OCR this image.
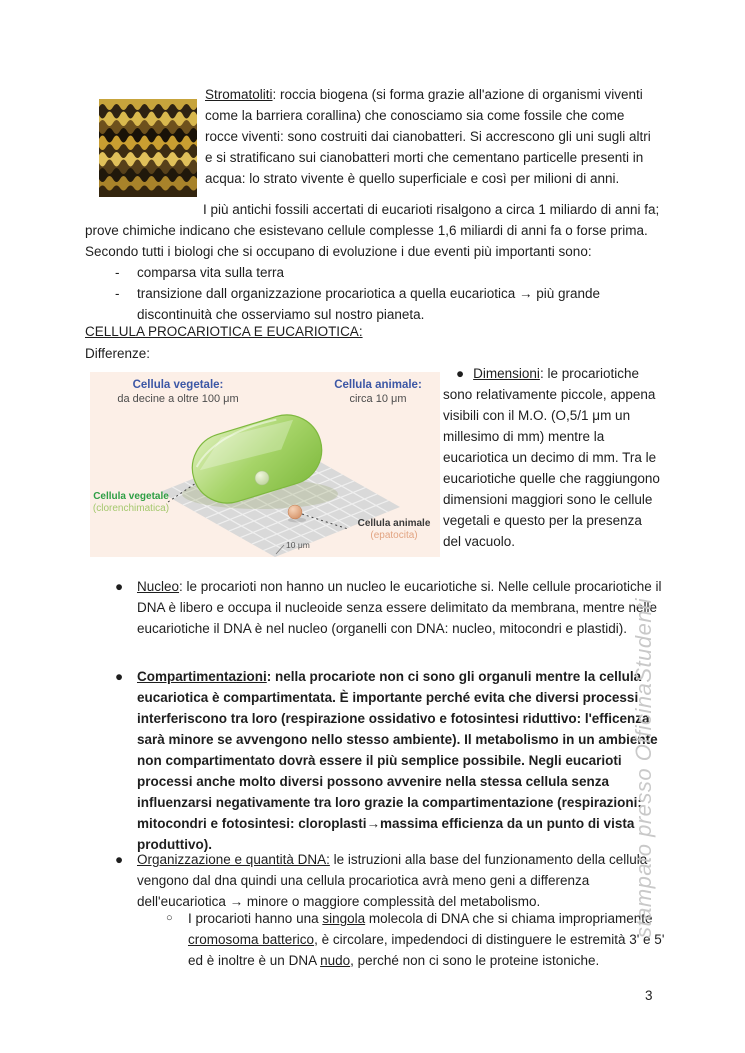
Stromatoliti: roccia biogena (si forma grazie all'azione di organismi viventi come la barriera corallina) che conosciamo sia come fossile che come rocce viventi: sono costruiti dai cianobatteri. Si accrescono gli uni sugli altri e si stratificano sui cianobatteri morti che cementano particelle presenti in acqua: lo strato vivente è quello superficiale e così per milioni di anni.

I più antichi fossili accertati di eucarioti risalgono a circa 1 miliardo di anni fa; prove chimiche indicano che esistevano cellule complesse 1,6 miliardi di anni fa o forse prima. Secondo tutti i biologi che si occupano di evoluzione i due eventi più importanti sono:

- comparsa vita sulla terra
- transizione dall organizzazione procariotica a quella eucariotica → più grande discontinuità che osserviamo sul nostro pianeta.
CELLULA PROCARIOTICA E EUCARIOTICA:

Differenze:

Cellula vegetale:
da decine a oltre 100 μm
Cellula animale:
circa 10 μm
Cellula vegetale
(clorenchimatica)
Cellula animale
(epatocita)
10 μm
● Dimensioni: le procariotiche sono relativamente piccole, appena visibili con il M.O. (O,5/1 μm un millesimo di mm) mentre la eucariotica un decimo di mm. Tra le eucariotiche quelle che raggiungono dimensioni maggiori sono le cellule vegetali e questo per la presenza del vacuolo.
● Nucleo: le procarioti non hanno un nucleo le eucariotiche si. Nelle cellule procariotiche il DNA è libero e occupa il nucleoide senza essere delimitato da membrana, mentre nelle eucariotiche il DNA è nel nucleo (organelli con DNA: nucleo, mitocondri e plastidi).
● Compartimentazioni: nella procariote non ci sono gli organuli mentre la cellula eucariotica è compartimentata. È importante perché evita che diversi processi interferiscono tra loro (respirazione ossidativo e fotosintesi riduttivo: l'efficenza sarà minore se avvengono nello stesso ambiente). Il metabolismo in un ambiente non compartimentato dovrà essere il più semplice possibile. Negli eucarioti processi anche molto diversi possono avvenire nella stessa cellula senza influenzarsi negativamente tra loro grazie la compartimentazione (respirazioni: mitocondri e fotosintesi: cloroplasti→massima efficienza da un punto di vista produttivo).
● Organizzazione e quantità DNA: le istruzioni alla base del funzionamento della cellula vengono dal dna quindi una cellula procariotica avrà meno geni a differenza dell'eucariotica → minore o maggiore complessità del metabolismo.
○ I procarioti hanno una singola molecola di DNA che si chiama impropriamente cromosoma batterico, è circolare, impedendoci di distinguere le estremità 3' e 5' ed è inoltre è un DNA nudo, perché non ci sono le proteine istoniche.
3
stampato presso OfficinaStudenti
